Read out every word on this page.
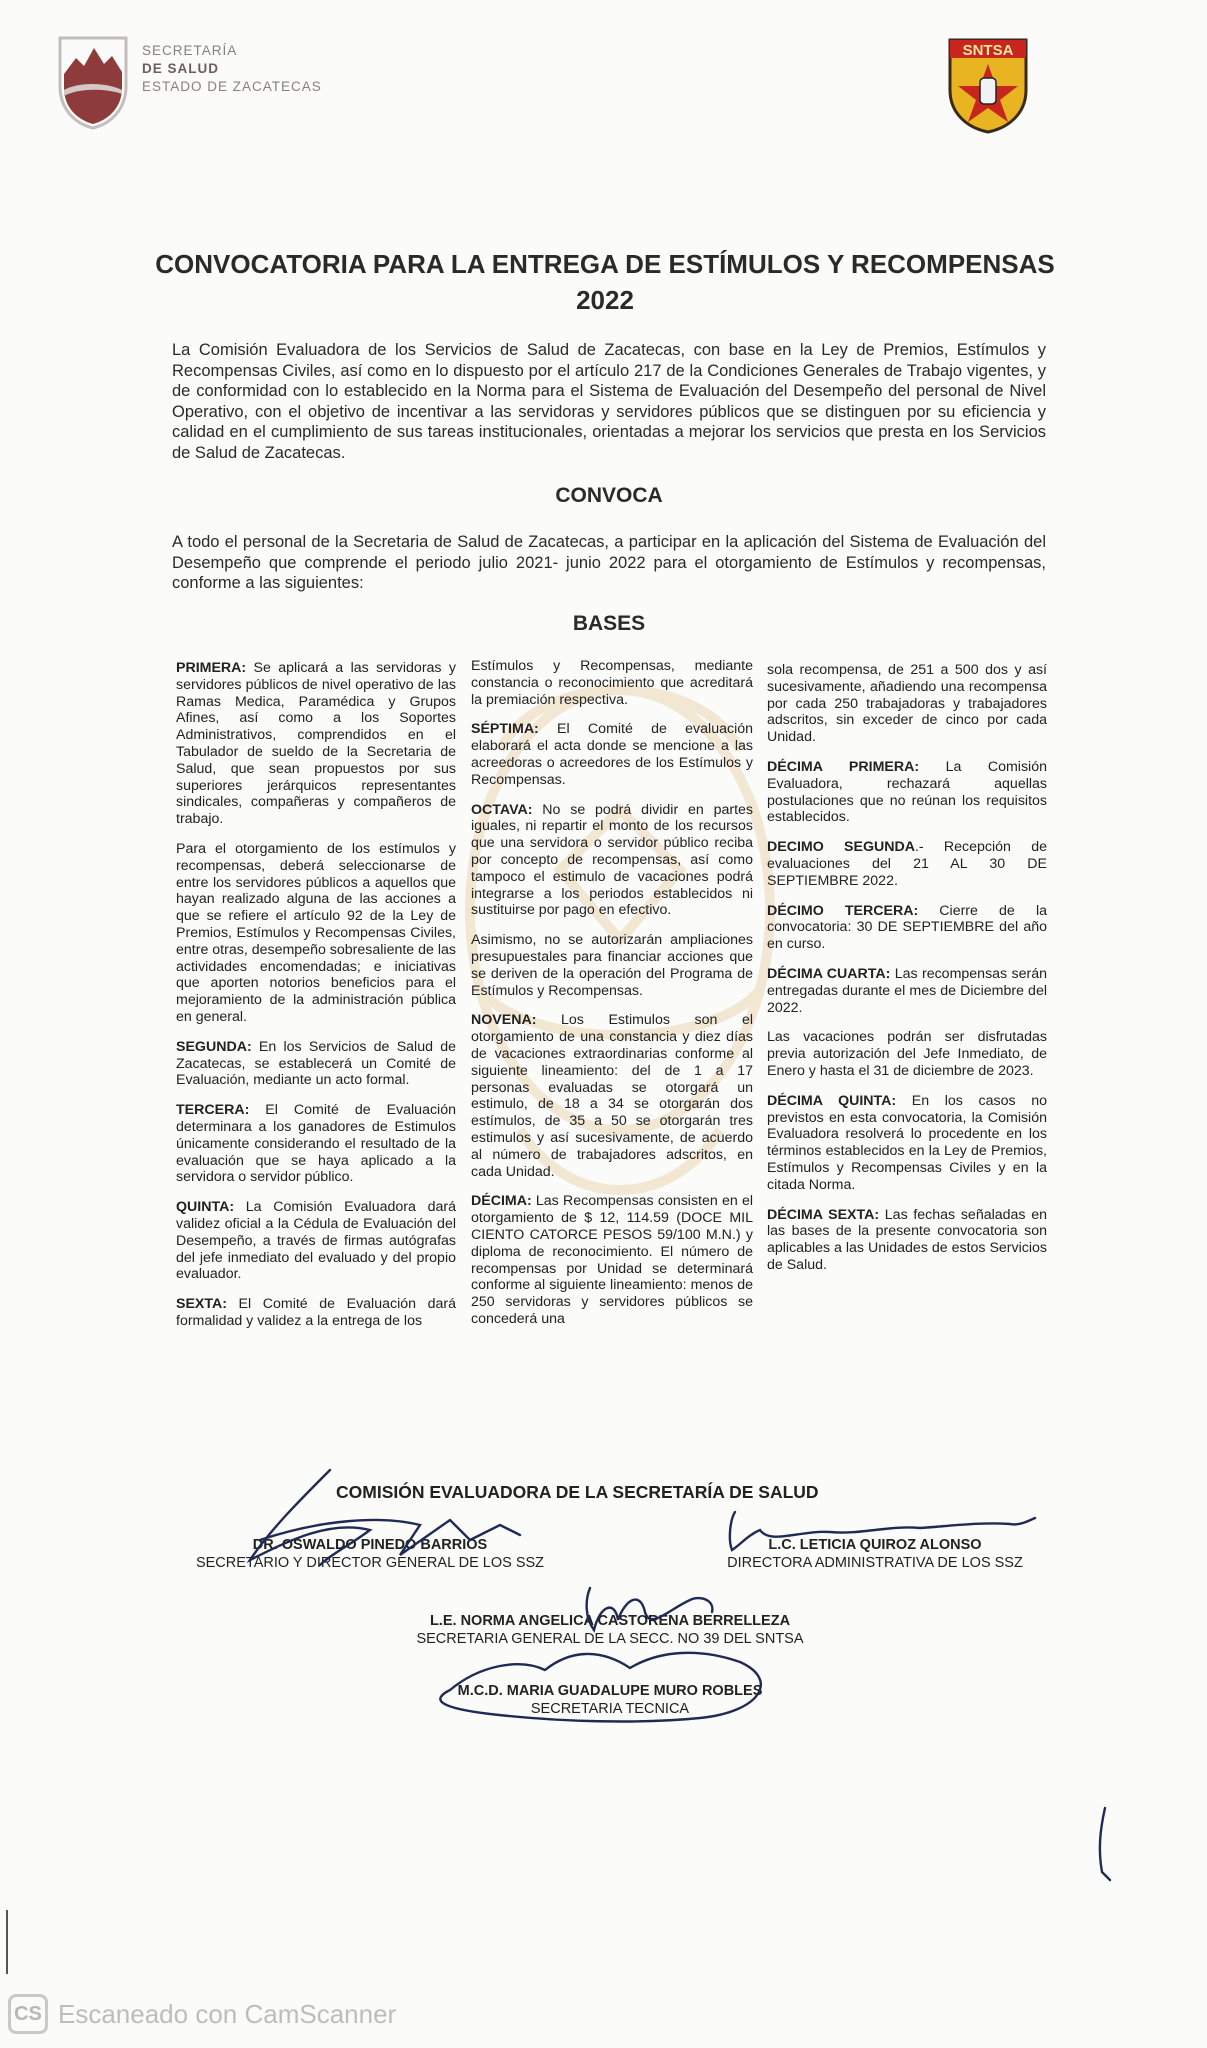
SECRETARÍA
DE SALUD
ESTADO DE ZACATECAS
SNTSA
CONVOCATORIA PARA LA ENTREGA DE ESTÍMULOS Y RECOMPENSAS 2022
La Comisión Evaluadora de los Servicios de Salud de Zacatecas, con base en la Ley de Premios, Estímulos y Recompensas Civiles, así como en lo dispuesto por el artículo 217 de la Condiciones Generales de Trabajo vigentes, y de conformidad con lo establecido en la Norma para el Sistema de Evaluación del Desempeño del personal de Nivel Operativo, con el objetivo de incentivar a las servidoras y servidores públicos que se distinguen por su eficiencia y calidad en el cumplimiento de sus tareas institucionales, orientadas a mejorar los servicios que presta en los Servicios de Salud de Zacatecas.
CONVOCA
A todo el personal de la Secretaria de Salud de Zacatecas, a participar en la aplicación del Sistema de Evaluación del Desempeño que comprende el periodo julio 2021- junio 2022 para el otorgamiento de Estímulos y recompensas, conforme a las siguientes:
BASES

PRIMERA: Se aplicará a las servidoras y servidores públicos de nivel operativo de las Ramas Medica, Paramédica y Grupos Afines, así como a los Soportes Administrativos, comprendidos en el Tabulador de sueldo de la Secretaria de Salud, que sean propuestos por sus superiores jerárquicos representantes sindicales, compañeras y compañeros de trabajo.

Para el otorgamiento de los estímulos y recompensas, deberá seleccionarse de entre los servidores públicos a aquellos que hayan realizado alguna de las acciones a que se refiere el artículo 92 de la Ley de Premios, Estímulos y Recompensas Civiles, entre otras, desempeño sobresaliente de las actividades encomendadas; e iniciativas que aporten notorios beneficios para el mejoramiento de la administración pública en general.

SEGUNDA: En los Servicios de Salud de Zacatecas, se establecerá un Comité de Evaluación, mediante un acto formal.

TERCERA: El Comité de Evaluación determinara a los ganadores de Estimulos únicamente considerando el resultado de la evaluación que se haya aplicado a la servidora o servidor público.

QUINTA: La Comisión Evaluadora dará validez oficial a la Cédula de Evaluación del Desempeño, a través de firmas autógrafas del jefe inmediato del evaluado y del propio evaluador.

SEXTA: El Comité de Evaluación dará formalidad y validez a la entrega de los

Estímulos y Recompensas, mediante constancia o reconocimiento que acreditará la premiación respectiva.

SÉPTIMA: El Comité de evaluación elaborará el acta donde se mencione a las acreedoras o acreedores de los Estímulos y Recompensas.

OCTAVA: No se podrá dividir en partes iguales, ni repartir el monto de los recursos que una servidora o servidor público reciba por concepto de recompensas, así como tampoco el estimulo de vacaciones podrá integrarse a los periodos establecidos ni sustituirse por pago en efectivo.

Asimismo, no se autorizarán ampliaciones presupuestales para financiar acciones que se deriven de la operación del Programa de Estímulos y Recompensas.

NOVENA: Los Estimulos son el otorgamiento de una constancia y diez días de vacaciones extraordinarias conforme al siguiente lineamiento: del de 1 a 17 personas evaluadas se otorgará un estimulo, de 18 a 34 se otorgarán dos estímulos, de 35 a 50 se otorgarán tres estimulos y así sucesivamente, de acuerdo al número de trabajadores adscritos, en cada Unidad.

DÉCIMA: Las Recompensas consisten en el otorgamiento de $ 12, 114.59 (DOCE MIL CIENTO CATORCE PESOS 59/100 M.N.) y diploma de reconocimiento. El número de recompensas por Unidad se determinará conforme al siguiente lineamiento: menos de 250 servidoras y servidores públicos se concederá una

sola recompensa, de 251 a 500 dos y así sucesivamente, añadiendo una recompensa por cada 250 trabajadoras y trabajadores adscritos, sin exceder de cinco por cada Unidad.

DÉCIMA PRIMERA: La Comisión Evaluadora, rechazará aquellas postulaciones que no reúnan los requisitos establecidos.

DECIMO SEGUNDA.- Recepción de evaluaciones del 21 AL 30 DE SEPTIEMBRE 2022.

DÉCIMO TERCERA: Cierre de la convocatoria: 30 DE SEPTIEMBRE del año en curso.

DÉCIMA CUARTA: Las recompensas serán entregadas durante el mes de Diciembre del 2022.

Las vacaciones podrán ser disfrutadas previa autorización del Jefe Inmediato, de Enero y hasta el 31 de diciembre de 2023.

DÉCIMA QUINTA: En los casos no previstos en esta convocatoria, la Comisión Evaluadora resolverá lo procedente en los términos establecidos en la Ley de Premios, Estímulos y Recompensas Civiles y en la citada Norma.

DÉCIMA SEXTA: Las fechas señaladas en las bases de la presente convocatoria son aplicables a las Unidades de estos Servicios de Salud.

COMISIÓN EVALUADORA DE LA SECRETARÍA DE SALUD
DR. OSWALDO PINEDO BARRIOS
SECRETARIO Y DIRECTOR GENERAL DE LOS SSZ
L.C. LETICIA QUIROZ ALONSO
DIRECTORA ADMINISTRATIVA DE LOS SSZ
L.E. NORMA ANGELICA CASTORENA BERRELLEZA
SECRETARIA GENERAL DE LA SECC. NO 39 DEL SNTSA
M.C.D. MARIA GUADALUPE MURO ROBLES
SECRETARIA TECNICA
CS Escaneado con CamScanner
